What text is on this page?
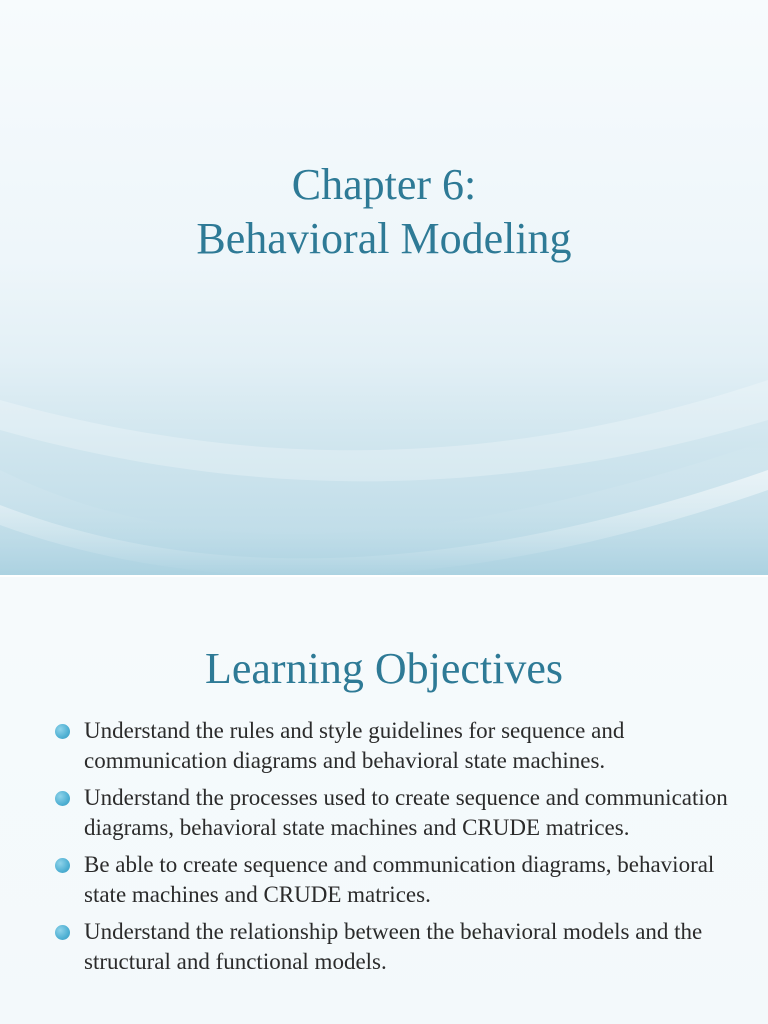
Chapter 6:
Behavioral Modeling
Learning Objectives
Understand the rules and style guidelines for sequence and communication diagrams and behavioral state machines.
Understand the processes used to create sequence and communication diagrams, behavioral state machines and CRUDE matrices.
Be able to create sequence and communication diagrams, behavioral state machines and CRUDE matrices.
Understand the relationship between the behavioral models and the structural and functional models.
